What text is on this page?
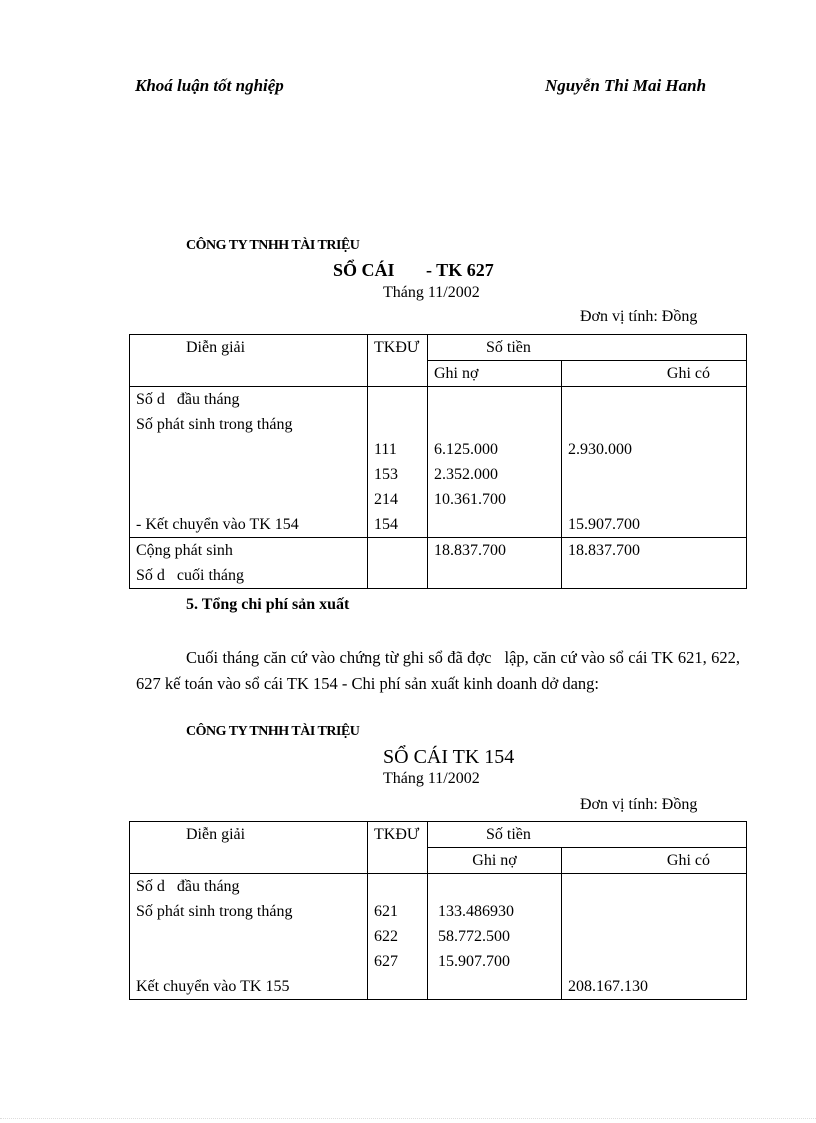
Khoá luận tốt nghiệp	Nguyễn Thi Mai Hanh
CÔNG TY TNHH TÀI TRIỆU
SỔ CÁI       - TK 627
Tháng 11/2002
Đơn vị tính: Đồng
Diễn giải	TKĐƯ	Số tiền	
		Ghi nợ	Ghi có
Số d   đầu tháng			
Số phát sinh trong tháng			
	111	6.125.000	2.930.000
	153	2.352.000	
	214	10.361.700	
- Kết chuyển vào TK 154	154		15.907.700
Cộng phát sinh		18.837.700	18.837.700
Số d   cuối tháng			
5. Tổng chi phí sản xuất

Cuối tháng căn cứ vào chứng từ ghi sổ đã đợc   lập, căn cứ vào sổ cái TK 621, 622, 627 kế toán vào sổ cái TK 154 - Chi phí sản xuất kinh doanh dở dang:

CÔNG TY TNHH TÀI TRIỆU
SỔ CÁI TK 154
Tháng 11/2002
Đơn vị tính: Đồng
Diễn giải	TKĐƯ	Số tiền	
		Ghi nợ	Ghi có
Số d   đầu tháng			
Số phát sinh trong tháng	621	133.486930	
	622	58.772.500	
	627	15.907.700	
Kết chuyển vào TK 155			208.167.130
